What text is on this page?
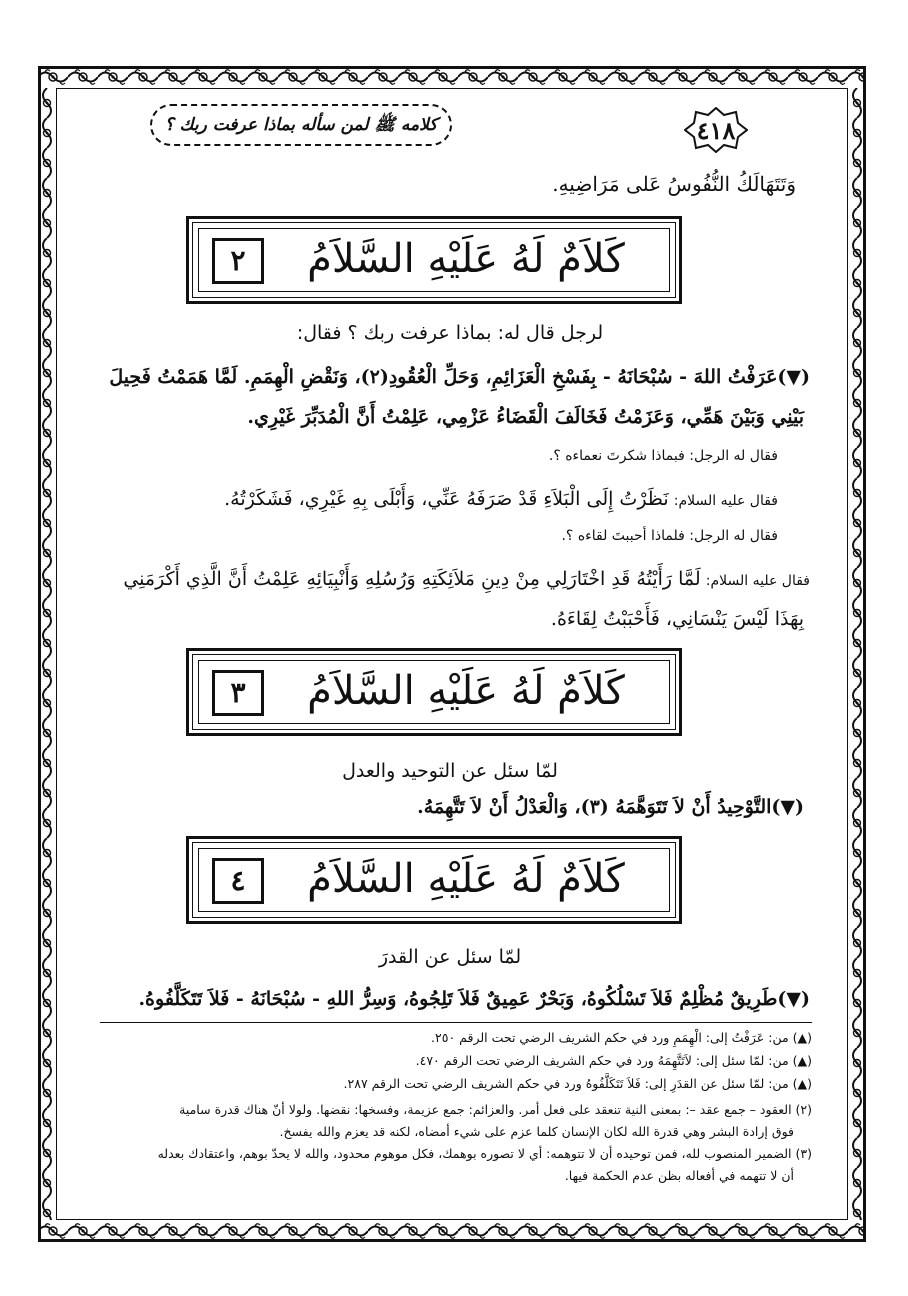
٤١٨
كلامه ﷺ لمن سأله بماذا عرفت ربك ؟
وَتَتَهَالَكُ النُّفُوسُ عَلى مَرَاضِيهِ.
٢	كَلاَمٌ لَهُ عَلَيْهِ السَّلاَمُ
لرجل قال له: بماذا عرفت ربك ؟ فقال:
(▼)عَرَفْتُ اللهَ - سُبْحَانَهُ - بِفَسْخِ الْعَزَائِمِ، وَحَلِّ الْعُقُودِ(٢)، وَنَقْضِ الْهِمَمِ. لَمَّا هَمَمْتُ فَحِيلَ
بَيْنِي وَبَيْنَ هَمِّي، وَعَزَمْتُ فَخَالَفَ الْقَضَاءُ عَزْمِي، عَلِمْتُ أَنَّ الْمُدَبِّرَ غَيْرِي.
فقال له الرجل: فبماذا شكرتَ نعماءه ؟.
فقال عليه السلام: نَظَرْتُ إِلَى الْبَلاَءِ قَدْ صَرَفَهُ عَنِّي، وَأَبْلَى بِهِ غَيْرِي، فَشَكَرْتُهُ.
فقال له الرجل: فلماذا أحببتَ لقاءه ؟.
فقال عليه السلام: لَمَّا رَأَيْتُهُ قَدِ اخْتَارَلِي مِنْ دِينِ مَلاَئِكَتِهِ وَرُسُلِهِ وَأَنْبِيَائِهِ عَلِمْتُ أَنَّ الَّذِي أَكْرَمَنِي
بِهَذَا لَيْسَ يَنْسَانِي، فَأَحْبَبْتُ لِقَاءَهُ.
٣	كَلاَمٌ لَهُ عَلَيْهِ السَّلاَمُ
لمّا سئل عن التوحيد والعدل
(▼)التَّوْحِيدُ أَنْ لاَ تَتَوَهَّمَهُ (٣)، وَالْعَدْلُ أَنْ لاَ تَتَّهِمَهُ.
٤	كَلاَمٌ لَهُ عَلَيْهِ السَّلاَمُ
لمّا سئل عن القدرَ
(▼)طَرِيقٌ مُظْلِمٌ فَلاَ تَسْلُكُوهُ، وَبَحْرٌ عَمِيقٌ فَلاَ تَلِجُوهُ، وَسِرُّ اللهِ - سُبْحَانَهُ - فَلاَ تَتَكَلَّفُوهُ.
(▲) من: عَرَفْتُ إلى: الْهِمَمِ ورد في حكم الشريف الرضي تحت الرقم ٢٥٠.
(▲) من: لمّا سئل إلى: لاَتَتَّهِمَهُ ورد في حكم الشريف الرضي تحت الرقم ٤٧٠.
(▲) من: لمّا سئل عن القدَرِ إلى: فَلاَ تَتَكَلَّفُوهُ ورد في حكم الشريف الرضي تحت الرقم ٢٨٧.
(٢) العقود – جمع عقد –: بمعنى النية تنعقد على فعل أمر. والعزائم: جمع عزيمة، وفسخها: نقضها. ولولا أنّ هناك قدرة سامية
فوق إرادة البشر وهي قدرة الله لكان الإنسان كلما عزم على شيء أمضاه، لكنه قد يعزم والله يفسخ.
(٣) الضمير المنصوب لله، فمن توحيده أن لا تتوهمه: أي لا تصوره بوهمك، فكل موهوم محدود، والله لا يحدّ بوهم، واعتقادك بعدله
أن لا تتهمه في أفعاله بظن عدم الحكمة فيها.
